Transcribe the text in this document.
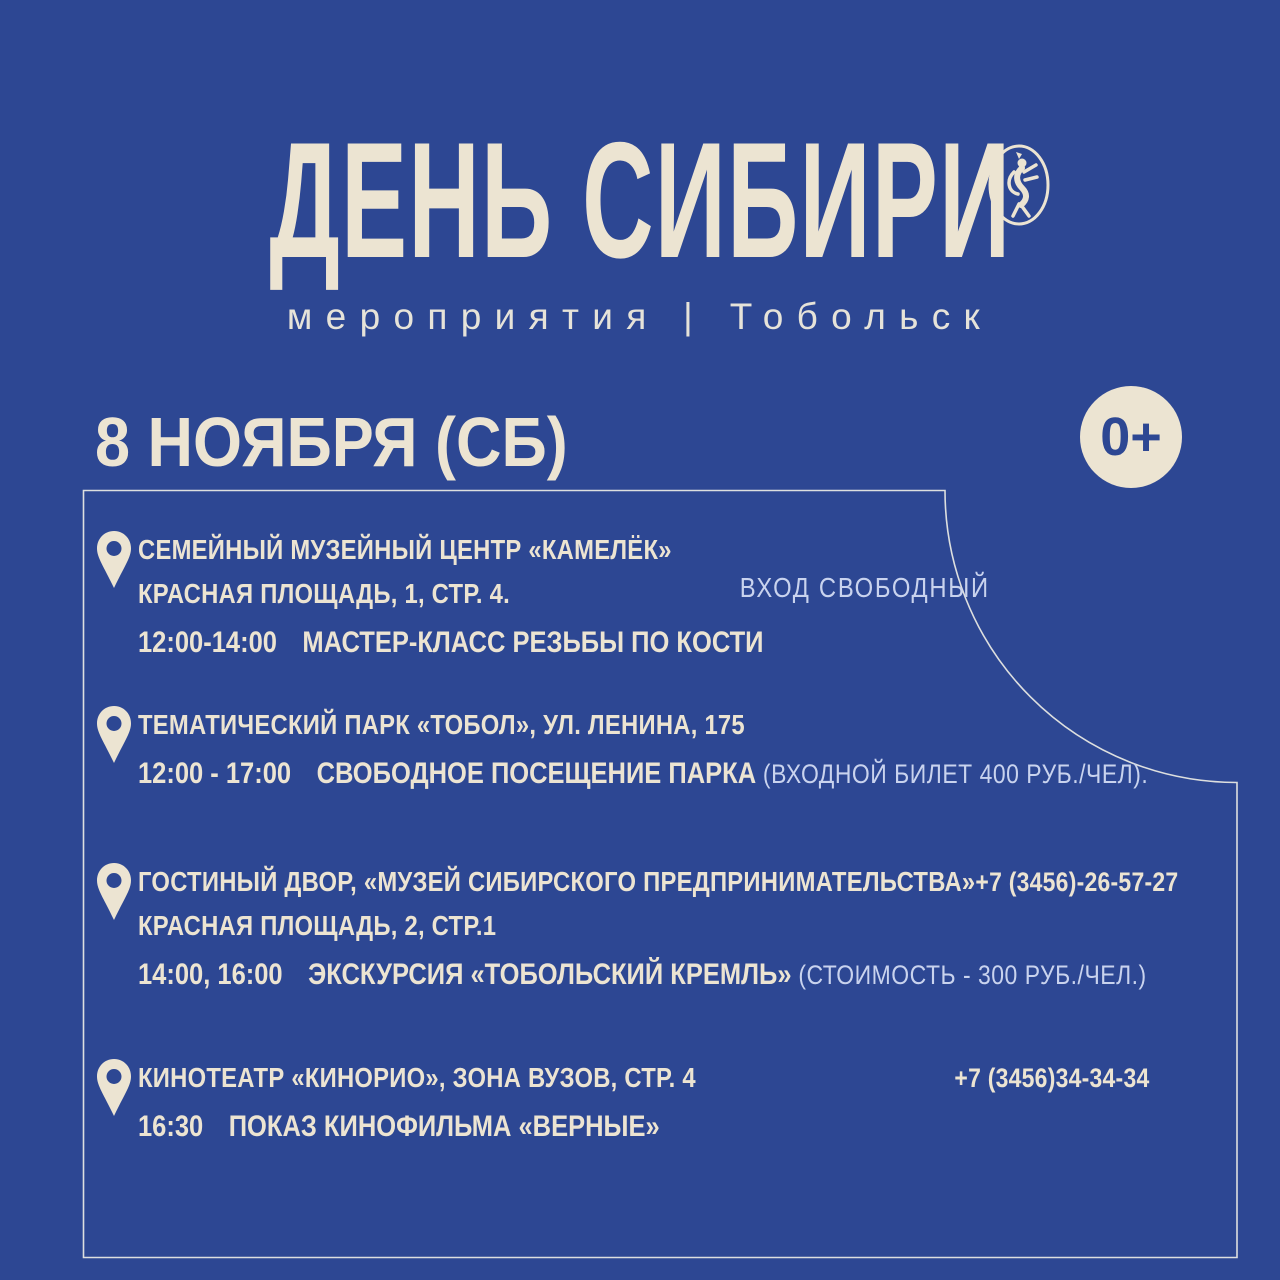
ДЕНЬ СИБИРИ
мероприятия | Тобольск
8 НОЯБРЯ (СБ)	0+
СЕМЕЙНЫЙ МУЗЕЙНЫЙ ЦЕНТР «КАМЕЛЁК»
КРАСНАЯ ПЛОЩАДЬ, 1, СТР. 4.	ВХОД СВОБОДНЫЙ
12:00-14:00 МАСТЕР-КЛАСС РЕЗЬБЫ ПО КОСТИ
ТЕМАТИЧЕСКИЙ ПАРК «ТОБОЛ», УЛ. ЛЕНИНА, 175
12:00 - 17:00 СВОБОДНОЕ ПОСЕЩЕНИЕ ПАРКА (ВХОДНОЙ БИЛЕТ 400 РУБ./ЧЕЛ).
ГОСТИНЫЙ ДВОР, «МУЗЕЙ СИБИРСКОГО ПРЕДПРИНИМАТЕЛЬСТВА» +7 (3456)-26-57-27
КРАСНАЯ ПЛОЩАДЬ, 2, СТР.1
14:00, 16:00 ЭКСКУРСИЯ «ТОБОЛЬСКИЙ КРЕМЛЬ» (СТОИМОСТЬ - 300 РУБ./ЧЕЛ.)
КИНОТЕАТР «КИНОРИО», ЗОНА ВУЗОВ, СТР. 4	+7 (3456)34-34-34
16:30 ПОКАЗ КИНОФИЛЬМА «ВЕРНЫЕ»
